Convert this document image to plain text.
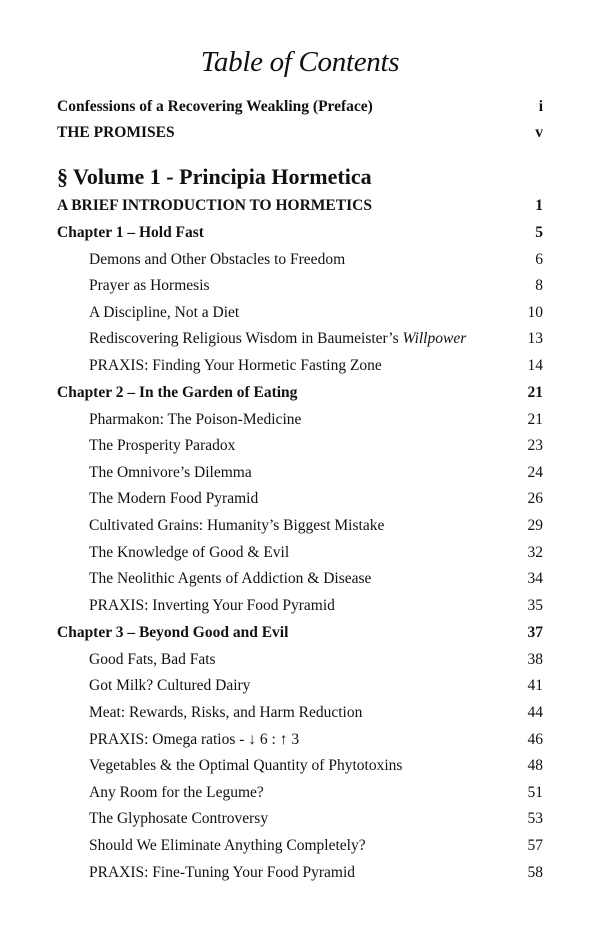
Table of Contents
Confessions of a Recovering Weakling (Preface)	i
THE PROMISES	v
§ Volume 1 - Principia Hormetica
A BRIEF INTRODUCTION TO HORMETICS	1
Chapter 1 – Hold Fast	5
Demons and Other Obstacles to Freedom	6
Prayer as Hormesis	8
A Discipline, Not a Diet	10
Rediscovering Religious Wisdom in Baumeister’s Willpower	13
PRAXIS: Finding Your Hormetic Fasting Zone	14
Chapter 2 – In the Garden of Eating	21
Pharmakon: The Poison-Medicine	21
The Prosperity Paradox	23
The Omnivore’s Dilemma	24
The Modern Food Pyramid	26
Cultivated Grains: Humanity’s Biggest Mistake	29
The Knowledge of Good & Evil	32
The Neolithic Agents of Addiction & Disease	34
PRAXIS: Inverting Your Food Pyramid	35
Chapter 3 – Beyond Good and Evil	37
Good Fats, Bad Fats	38
Got Milk? Cultured Dairy	41
Meat: Rewards, Risks, and Harm Reduction	44
PRAXIS: Omega ratios - ↓ 6 : ↑ 3	46
Vegetables & the Optimal Quantity of Phytotoxins	48
Any Room for the Legume?	51
The Glyphosate Controversy	53
Should We Eliminate Anything Completely?	57
PRAXIS: Fine-Tuning Your Food Pyramid	58
